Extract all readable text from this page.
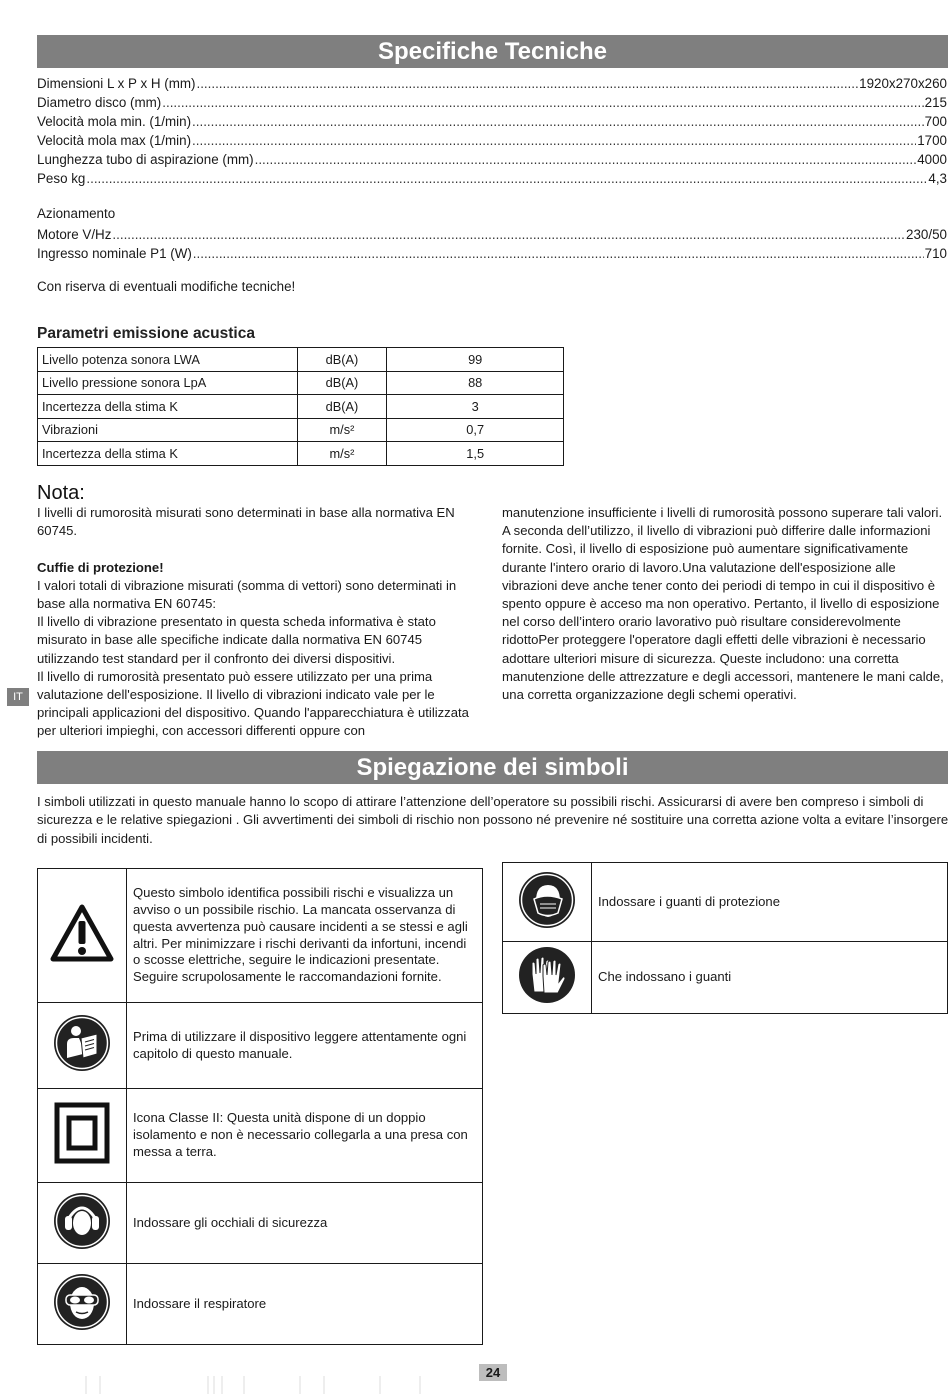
Specifiche Tecniche
Dimensioni L x P x H (mm) .....	1920x270x260
Diametro disco (mm) .....	215
Velocità mola min. (1/min) .....	700
Velocità mola max (1/min) .....	1700
Lunghezza tubo di aspirazione (mm) .....	4000
Peso kg .....	4,3
Azionamento
Motore V/Hz .....	230/50
Ingresso nominale P1 (W) .....	710
Con riserva di eventuali modifiche tecniche!
Parametri emissione acustica
Livello potenza sonora LWA	dB(A)	99
Livello pressione sonora LpA	dB(A)	88
Incertezza della stima K	dB(A)	3
Vibrazioni	m/s²	0,7
Incertezza della stima K	m/s²	1,5
Nota:

I livelli di rumorosità misurati sono determinati in base alla normativa EN 60745.

Cuffie di protezione!

I valori totali di vibrazione misurati (somma di vettori) sono determinati in base alla normativa EN 60745:

Il livello di vibrazione presentato in questa scheda informativa è stato misurato in base alle specifiche indicate dalla normativa EN 60745 utilizzando test standard per il confronto dei diversi dispositivi.

Il livello di rumorosità presentato può essere utilizzato per una prima valutazione dell'esposizione. Il livello di vibrazioni indicato vale per le principali applicazioni del dispositivo. Quando l'apparecchiatura è utilizzata per ulteriori impieghi, con accessori differenti oppure con

manutenzione insufficiente i livelli di rumorosità possono superare tali valori. A seconda dell’utilizzo, il livello di vibrazioni può differire dalle informazioni fornite. Così, il livello di esposizione può aumentare significativamente durante l'intero orario di lavoro.Una valutazione dell'esposizione alle vibrazioni deve anche tener conto dei periodi di tempo in cui il dispositivo è spento oppure è acceso ma non operativo. Pertanto, il livello di esposizione nel corso dell’intero orario lavorativo può risultare considerevolmente ridottoPer proteggere l'operatore dagli effetti delle vibrazioni è necessario adottare ulteriori misure di sicurezza. Queste includono: una corretta manutenzione delle attrezzature e degli accessori, mantenere le mani calde, una corretta organizzazione degli schemi operativi.

IT
Spiegazione dei simboli
I simboli utilizzati in questo manuale hanno lo scopo di attirare l’attenzione dell’operatore su possibili rischi. Assicurarsi di avere ben compreso i simboli di sicurezza e le relative spiegazioni . Gli avvertimenti dei simboli di rischio non possono né prevenire né sostituire una corretta azione volta a evitare l’insorgere di possibili incidenti.
	Questo simbolo identifica possibili rischi e visualizza un avviso o un possibile rischio. La mancata osservanza di questa avvertenza può causare incidenti a se stessi e agli altri. Per minimizzare i rischi derivanti da infortuni, incendi o scosse elettriche, seguire le indicazioni presentate. Seguire scrupolosamente le raccomandazioni fornite.
	Prima di utilizzare il dispositivo leggere attentamente ogni capitolo di questo manuale.
	Icona Classe II: Questa unità dispone di un doppio isolamento e non è necessario collegarla a una presa con messa a terra.
	Indossare gli occhiali di sicurezza
	Indossare il respiratore
	Indossare i guanti di protezione
	Che indossano i guanti
24
